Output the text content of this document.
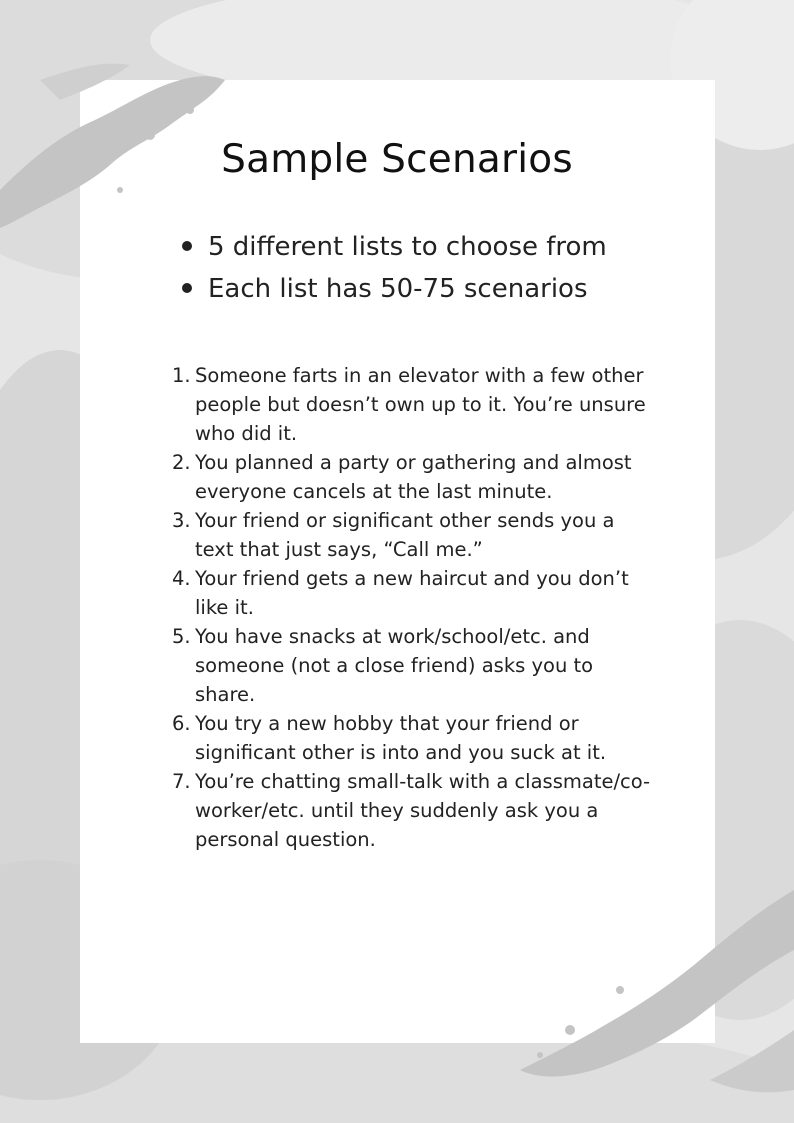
Sample Scenarios
5 different lists to choose from
Each list has 50-75 scenarios
1. Someone farts in an elevator with a few other people but doesn’t own up to it. You’re unsure who did it.
2. You planned a party or gathering and almost everyone cancels at the last minute.
3. Your friend or significant other sends you a text that just says, “Call me.”
4. Your friend gets a new haircut and you don’t like it.
5. You have snacks at work/school/etc. and someone (not a close friend) asks you to share.
6. You try a new hobby that your friend or significant other is into and you suck at it.
7. You’re chatting small-talk with a classmate/co-worker/etc. until they suddenly ask you a personal question.
